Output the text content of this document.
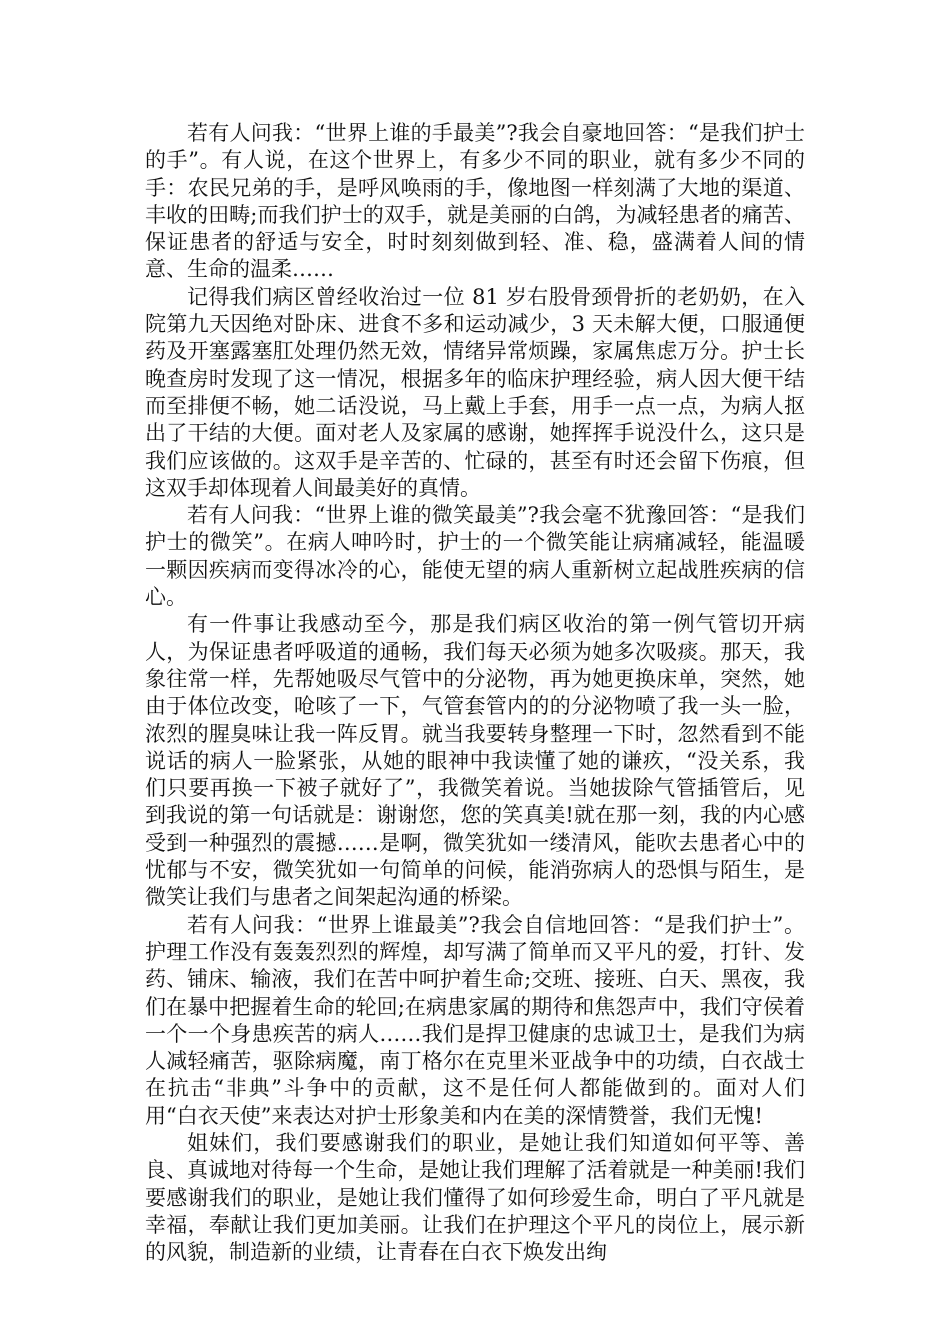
若有人问我：“世界上谁的手最美”?我会自豪地回答：“是我们护士的手”。有人说，在这个世界上，有多少不同的职业，就有多少不同的手：农民兄弟的手，是呼风唤雨的手，像地图一样刻满了大地的渠道、丰收的田畴;而我们护士的双手，就是美丽的白鸽，为减轻患者的痛苦、保证患者的舒适与安全，时时刻刻做到轻、准、稳，盛满着人间的情意、生命的温柔……

记得我们病区曾经收治过一位 81 岁右股骨颈骨折的老奶奶，在入院第九天因绝对卧床、进食不多和运动减少，3 天未解大便，口服通便药及开塞露塞肛处理仍然无效，情绪异常烦躁，家属焦虑万分。护士长晚查房时发现了这一情况，根据多年的临床护理经验，病人因大便干结而至排便不畅，她二话没说，马上戴上手套，用手一点一点，为病人抠出了干结的大便。面对老人及家属的感谢，她挥挥手说没什么，这只是我们应该做的。这双手是辛苦的、忙碌的，甚至有时还会留下伤痕，但这双手却体现着人间最美好的真情。

若有人问我：“世界上谁的微笑最美”?我会毫不犹豫回答：“是我们护士的微笑”。在病人呻吟时，护士的一个微笑能让病痛减轻，能温暖一颗因疾病而变得冰冷的心，能使无望的病人重新树立起战胜疾病的信心。

有一件事让我感动至今，那是我们病区收治的第一例气管切开病人，为保证患者呼吸道的通畅，我们每天必须为她多次吸痰。那天，我象往常一样，先帮她吸尽气管中的分泌物，再为她更换床单，突然，她由于体位改变，呛咳了一下，气管套管内的的分泌物喷了我一头一脸，浓烈的腥臭味让我一阵反胃。就当我要转身整理一下时，忽然看到不能说话的病人一脸紧张，从她的眼神中我读懂了她的谦疚，“没关系，我们只要再换一下被子就好了”，我微笑着说。当她拔除气管插管后，见到我说的第一句话就是：谢谢您，您的笑真美!就在那一刻，我的内心感受到一种强烈的震撼……是啊，微笑犹如一缕清风，能吹去患者心中的忧郁与不安，微笑犹如一句简单的问候，能消弥病人的恐惧与陌生，是微笑让我们与患者之间架起沟通的桥梁。

若有人问我：“世界上谁最美”?我会自信地回答：“是我们护士”。护理工作没有轰轰烈烈的辉煌，却写满了简单而又平凡的爱，打针、发药、铺床、输液，我们在苦中呵护着生命;交班、接班、白天、黑夜，我们在暴中把握着生命的轮回;在病患家属的期待和焦怨声中，我们守侯着一个一个身患疾苦的病人……我们是捍卫健康的忠诚卫士，是我们为病人减轻痛苦，驱除病魔，南丁格尔在克里米亚战争中的功绩，白衣战士在抗击“非典”斗争中的贡献，这不是任何人都能做到的。面对人们用“白衣天使”来表达对护士形象美和内在美的深情赞誉，我们无愧!

姐妹们，我们要感谢我们的职业，是她让我们知道如何平等、善良、真诚地对待每一个生命，是她让我们理解了活着就是一种美丽!我们要感谢我们的职业，是她让我们懂得了如何珍爱生命，明白了平凡就是幸福，奉献让我们更加美丽。让我们在护理这个平凡的岗位上，展示新的风貌，制造新的业绩，让青春在白衣下焕发出绚
